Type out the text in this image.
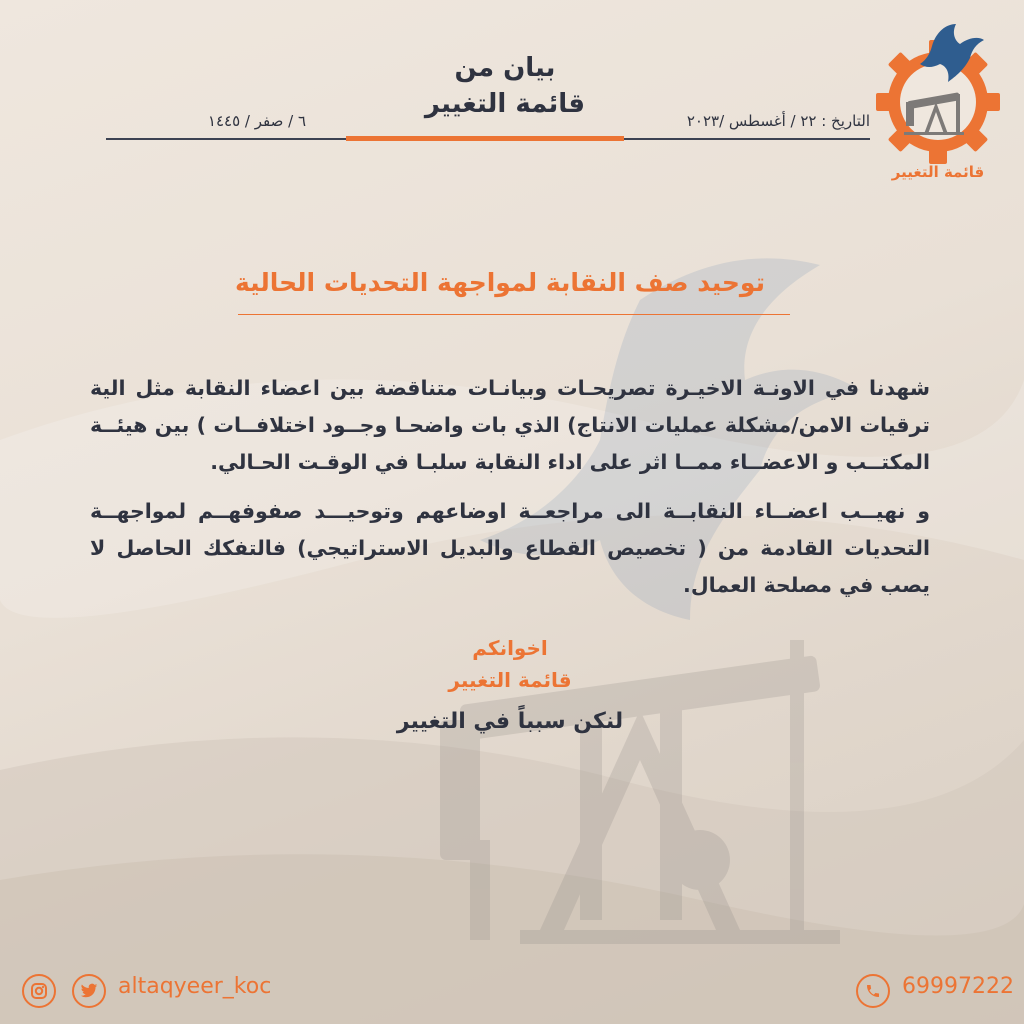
بيان من
قائمة التغيير
التاريخ : ٢٢ / أغسطس /٢٠٢٣
٦ / صفر / ١٤٤٥
قائمة التغيير
توحيد صف النقابة لمواجهة التحديات الحالية

شهدنا في الاونـة الاخيـرة تصريحـات وبيانـات متناقضة بين اعضاء النقابة مثل الية ترقيات الامن/مشكلة عمليات الانتاج) الذي بات واضحـا وجــود اختلافــات ) بين هيئــة المكتــب و الاعضــاء ممــا اثر على اداء النقابة سلبـا في الوقـت الحـالي.

و نهيــب اعضــاء النقابــة الى مراجعــة اوضاعهم وتوحيـــد صفوفهــم لمواجهــة التحديات القادمة من ( تخصيص القطاع والبديل الاستراتيجي) فالتفكك الحاصل لا يصب في مصلحة العمال.

اخوانكم
قائمة التغيير
لنكن سبباً في التغيير
altaqyeer_koc	69997222
